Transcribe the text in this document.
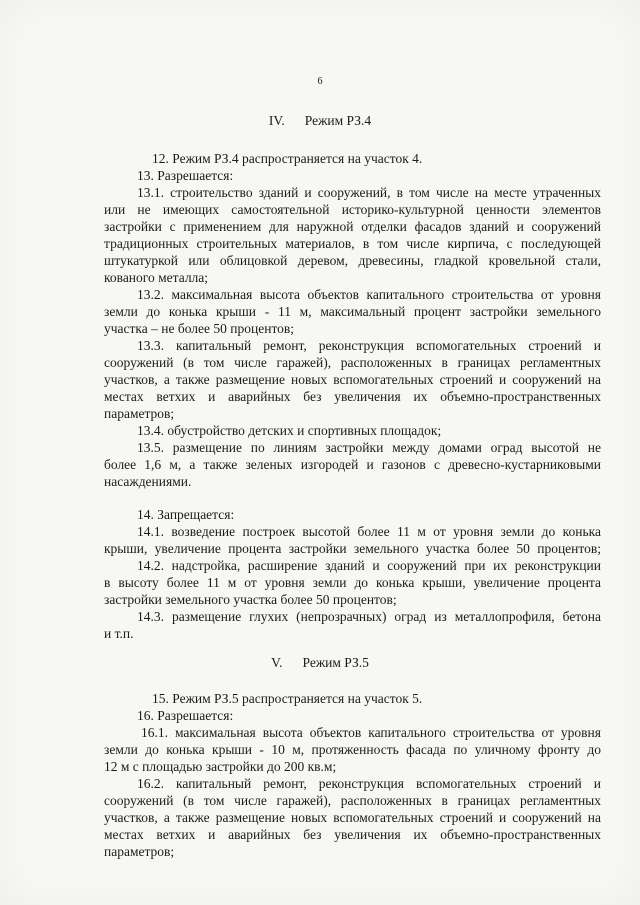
6
IV. Режим РЗ.4
12. Режим РЗ.4 распространяется на участок 4.
13. Разрешается:
13.1. строительство зданий и сооружений, в том числе на месте утраченных
или не имеющих самостоятельной историко-культурной ценности элементов
застройки с применением для наружной отделки фасадов зданий и сооружений
традиционных строительных материалов, в том числе кирпича, с последующей
штукатуркой или облицовкой деревом, древесины, гладкой кровельной стали,
кованого металла;
13.2. максимальная высота объектов капитального строительства от уровня
земли до конька крыши - 11 м, максимальный процент застройки земельного
участка – не более 50 процентов;
13.3. капитальный ремонт, реконструкция вспомогательных строений и
сооружений (в том числе гаражей), расположенных в границах регламентных
участков, а также размещение новых вспомогательных строений и сооружений на
местах ветхих и аварийных без увеличения их объемно-пространственных
параметров;
13.4. обустройство детских и спортивных площадок;
13.5. размещение по линиям застройки между домами оград высотой не
более 1,6 м, а также зеленых изгородей и газонов с древесно-кустарниковыми
насаждениями.
14. Запрещается:
14.1. возведение построек высотой более 11 м от уровня земли до конька
крыши, увеличение процента застройки земельного участка более 50 процентов;
14.2. надстройка, расширение зданий и сооружений при их реконструкции
в высоту более 11 м от уровня земли до конька крыши, увеличение процента
застройки земельного участка более 50 процентов;
14.3. размещение глухих (непрозрачных) оград из металлопрофиля, бетона
и т.п.
V. Режим РЗ.5
15. Режим РЗ.5 распространяется на участок 5.
16. Разрешается:
16.1. максимальная высота объектов капитального строительства от уровня
земли до конька крыши - 10 м, протяженность фасада по уличному фронту до
12 м с площадью застройки до 200 кв.м;
16.2. капитальный ремонт, реконструкция вспомогательных строений и
сооружений (в том числе гаражей), расположенных в границах регламентных
участков, а также размещение новых вспомогательных строений и сооружений на
местах ветхих и аварийных без увеличения их объемно-пространственных
параметров;
